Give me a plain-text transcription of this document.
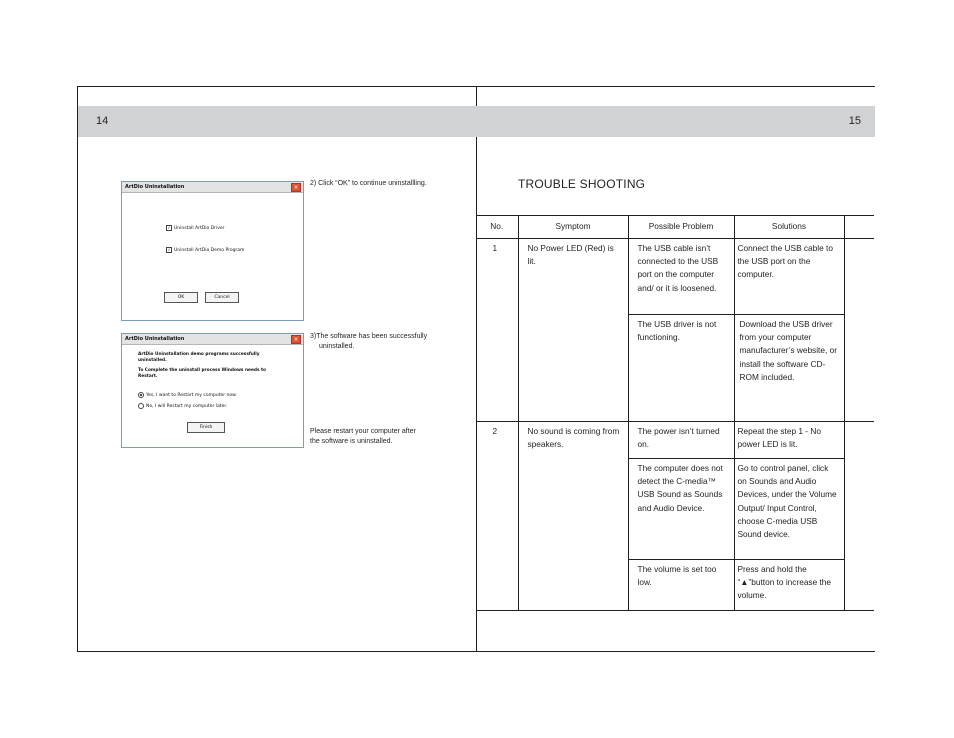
14
ArtDio Uninstallation	×
✓ Uninstall ArtDio Driver
✓ Uninstall ArtDio Demo Program
OK	Cancel
2) Click “OK” to continue uninstallling.
ArtDio Uninstallation	×
ArtDio Uninstallation demo programs successfully
uninstalled.
To Complete the uninstall process Windows needs to
Restart.
Yes, I want to Restart my computer now.
No, I will Restart my computer later.
Finish
3)The software has been successfully
uninstalled.
Please restart your computer after
the software is uninstalled.
15
TROUBLE SHOOTING
No.	Symptom	Possible Problem	Solutions	
1	No Power LED (Red) is lit.	The USB cable isn’t connected to the USB port on the computer and/ or it is loosened.	Connect the USB cable to the USB port on the computer.	
		The USB driver is not functioning.	Download the USB driver from your computer manufacturer’s website, or install the software CD-ROM included.	
2	No sound is coming from speakers.	The power isn’t turned on.	Repeat the step 1 - No power LED is lit.	
		The computer does not detect the C-media™ USB Sound as Sounds and Audio Device.	Go to control panel, click on Sounds and Audio Devices, under the Volume Output/ Input Control, choose C-media USB Sound device.	
		The volume is set too low.	Press and hold the “▲”button to increase the volume.	
